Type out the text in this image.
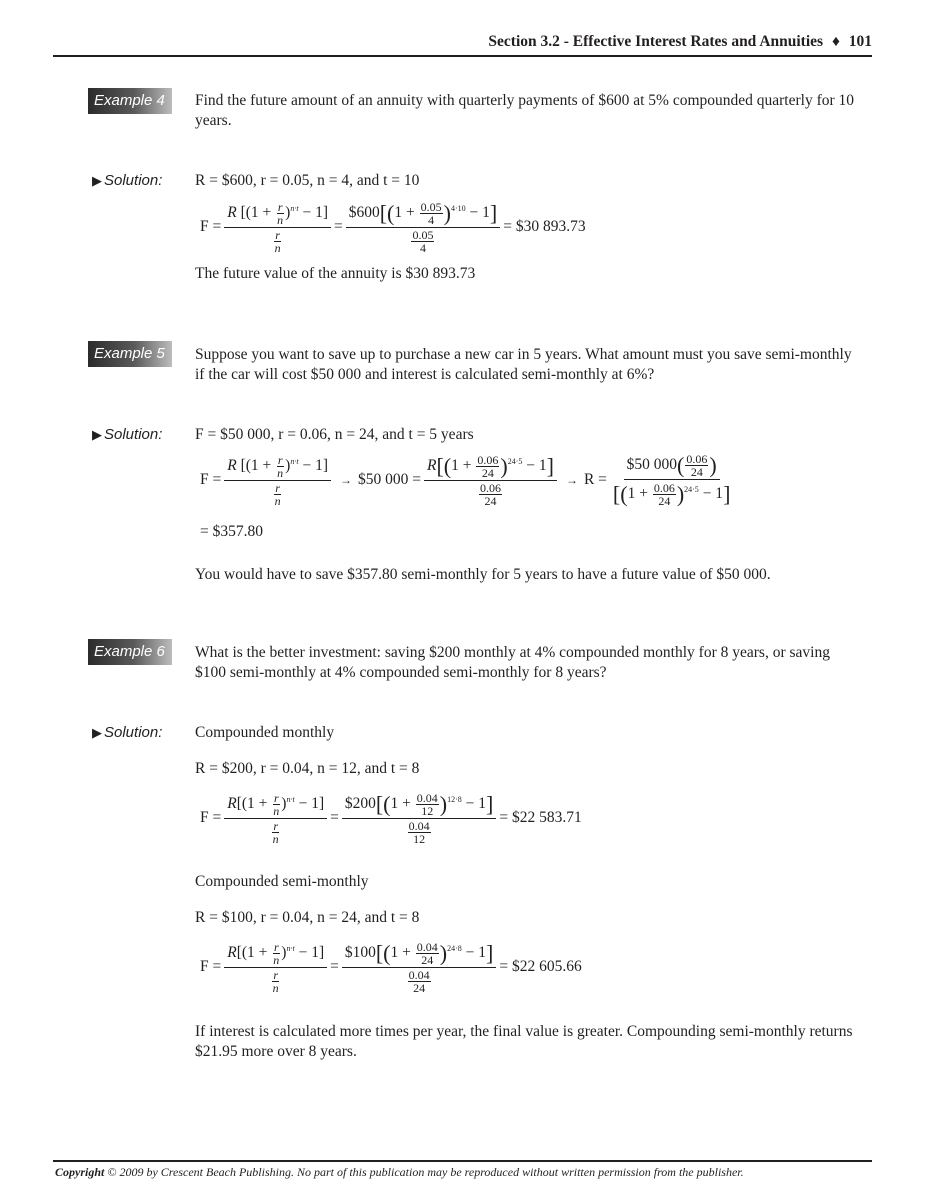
Section 3.2 - Effective Interest Rates and Annuities ♦ 101
Example 4	Find the future amount of an annuity with quarterly payments of $600 at 5% compounded quarterly for 10 years.
▶ Solution: R = $600, r = 0.05, n = 4, and t = 10
$F = \frac{R [(1 + \frac{r}{n} )^{n\cdot t} - 1]}{\frac{r}{n}} = \frac{\$600[(1 + \frac{0.05}{4} )^{4\cdot 10} - 1]}{\frac{0.05}{4}}$ = $30 893.73
The future value of the annuity is $30 893.73
Example 5	Suppose you want to save up to purchase a new car in 5 years. What amount must you save semi-monthly if the car will cost $50 000 and interest is calculated semi-monthly at 6%?
▶ Solution: F = $50 000, r = 0.06, n = 24, and t = 5 years
$F = \frac{R [(1 + \frac{r}{n} )^{n\cdot t} - 1]}{\frac{r}{n}}$ → $50 $000 = \frac{R[(1 + \frac{0.06}{24} )^{24\cdot 5} - 1]}{\frac{0.06}{24}} \to R = \frac{\$50 000( \frac{0.06}{24} )}{[(1 + \frac{0.06}{24} )^{24\cdot 5} - 1]}$
= $357.80
You would have to save $357.80 semi-monthly for 5 years to have a future value of $50 000.
Example 6	What is the better investment: saving $200 monthly at 4% compounded monthly for 8 years, or saving $100 semi-monthly at 4% compounded semi-monthly for 8 years?
▶ Solution: Compounded monthly
R = $200, r = 0.04, n = 12, and t = 8
$F = \frac{R[(1 + \frac{r}{n} )^{n\cdot t} - 1]}{\frac{r}{n}} = \frac{\$200[(1 + \frac{0.04}{12} )^{12\cdot 8} - 1]}{\frac{0.04}{12}}$ = $22 583.71
Compounded semi-monthly
R = $100, r = 0.04, n = 24, and t = 8
$F = \frac{R[(1 + \frac{r}{n} )^{n\cdot t} - 1]}{\frac{r}{n}} = \frac{\$100[(1 + \frac{0.04}{24} )^{24\cdot 8} - 1]}{\frac{0.04}{24}}$ = $22 605.66
If interest is calculated more times per year, the final value is greater. Compounding semi-monthly returns $21.95 more over 8 years.
Copyright © 2009 by Crescent Beach Publishing. No part of this publication may be reproduced without written permission from the publisher.
